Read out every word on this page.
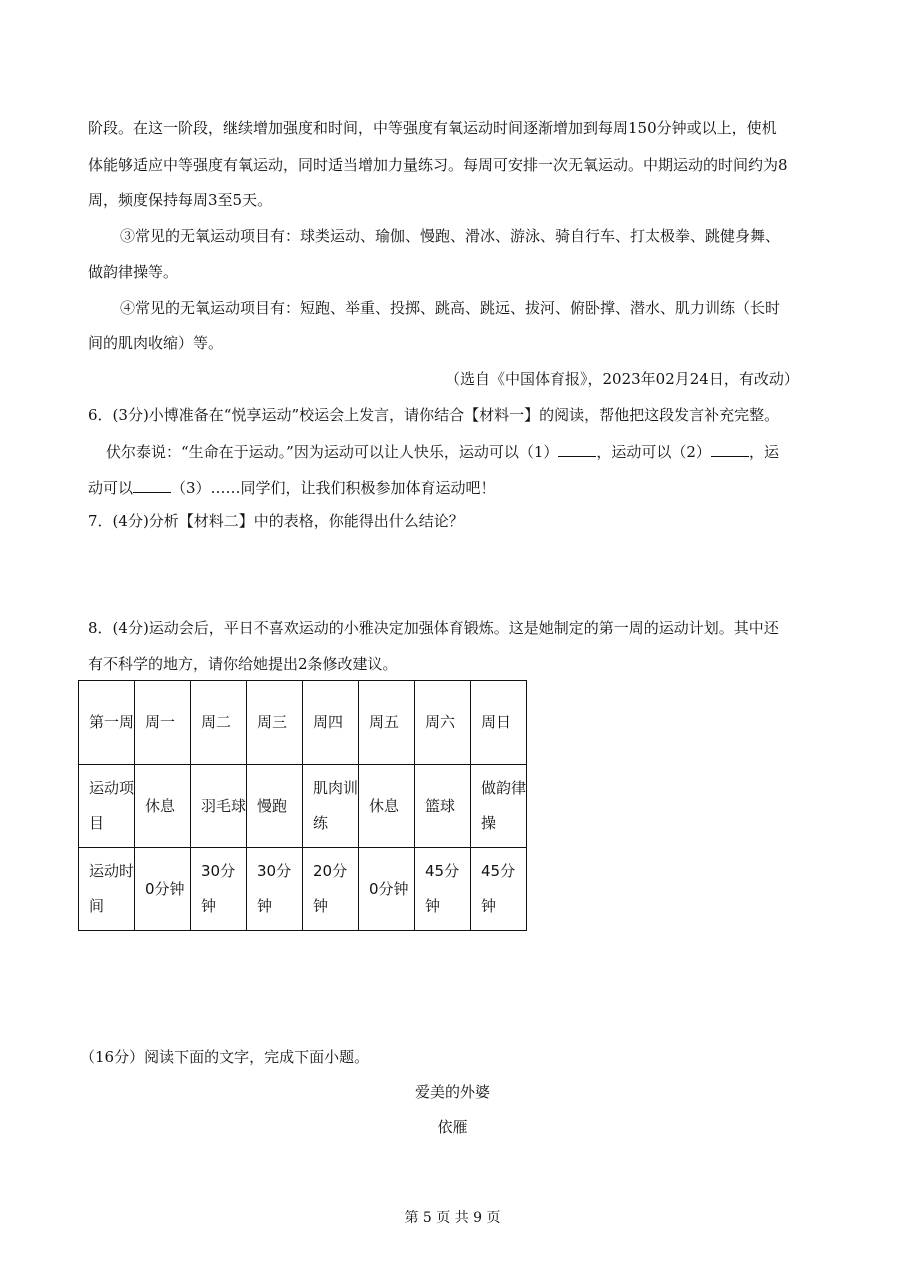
阶段。在这一阶段，继续增加强度和时间，中等强度有氧运动时间逐渐增加到每周150分钟或以上，使机
体能够适应中等强度有氧运动，同时适当增加力量练习。每周可安排一次无氧运动。中期运动的时间约为8
周，频度保持每周3至5天。
③常见的无氧运动项目有：球类运动、瑜伽、慢跑、滑冰、游泳、骑自行车、打太极拳、跳健身舞、
做韵律操等。
④常见的无氧运动项目有：短跑、举重、投掷、跳高、跳远、拔河、俯卧撑、潜水、肌力训练（长时
间的肌肉收缩）等。
（选自《中国体育报》，2023年02月24日，有改动）
6．(3分)小博准备在“悦享运动”校运会上发言，请你结合【材料一】的阅读，帮他把这段发言补充完整。
伏尔泰说：“生命在于运动。”因为运动可以让人快乐，运动可以（1）	，运动可以（2）	，运
动可以	（3）……同学们，让我们积极参加体育运动吧！
7．(4分)分析【材料二】中的表格，你能得出什么结论？
8．(4分)运动会后，平日不喜欢运动的小雅决定加强体育锻炼。这是她制定的第一周的运动计划。其中还
有不科学的地方，请你给她提出2条修改建议。
第一周	周一	周二	周三	周四	周五	周六	周日
运动项目	休息	羽毛球	慢跑	肌肉训练	休息	篮球	做韵律操
运动时间	0分钟	30分钟	30分钟	20分钟	0分钟	45分钟	45分钟
（16分）阅读下面的文字，完成下面小题。
爱美的外婆
依雁
第 5 页 共 9 页
